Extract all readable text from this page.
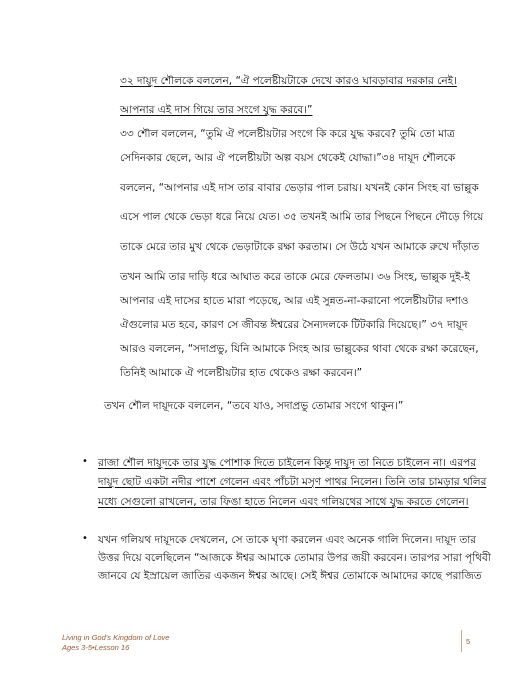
৩২ দায়ূদ শৌলকে বললেন, “ঐ পলেষ্টীয়টাকে দেখে কারও ঘাবড়াবার দরকার নেই।
আপনার এই দাস গিয়ে তার সংগে যুদ্ধ করবে।”
৩৩ শৌল বললেন, “তুমি ঐ পলেষ্টীয়টার সংগে কি করে যুদ্ধ করবে? তুমি তো মাত্র
সেদিনকার ছেলে, আর ঐ পলেষ্টীয়টা অল্প বয়স থেকেই যোদ্ধা।”৩৪ দায়ূদ শৌলকে
বললেন, “আপনার এই দাস তার বাবার ভেড়ার পাল চরায়। যখনই কোন সিংহ বা ভাল্লুক
এসে পাল থেকে ভেড়া ধরে নিয়ে যেত। ৩৫ তখনই আমি তার পিছনে পিছনে দৌড়ে গিয়ে
তাকে মেরে তার মুখ থেকে ভেড়াটাকে রক্ষা করতাম। সে উঠে যখন আমাকে রুখে দাঁড়াত
তখন আমি তার দাড়ি ধরে আঘাত করে তাকে মেরে ফেলতাম। ৩৬ সিংহ, ভাল্লুক দুই-ই
আপনার এই দাসের হাতে মারা পড়েছে, আর এই সুন্নত-না-করানো পলেষ্টীয়টার দশাও
ঐগুলোর মত হবে, কারণ সে জীবন্ত ঈশ্বরের সৈন্যদলকে টিটকারি দিয়েছে।” ৩৭ দায়ূদ
আরও বললেন, “সদাপ্রভু, যিনি আমাকে সিংহ আর ভাল্লুকের থাবা থেকে রক্ষা করেছেন,
তিনিই আমাকে ঐ পলেষ্টীয়টার হাত থেকেও রক্ষা করবেন।”
তখন শৌল দায়ূদকে বললেন, “তবে যাও, সদাপ্রভু তোমার সংগে থাকুন।”
• রাজা শৌল দায়ূদকে তার যুদ্ধ পোশাক দিতে চাইলেন কিন্তু দায়ূদ তা নিতে চাইলেন না। এরপর
দায়ূদ ছোট একটা নদীর পাশে গেলেন এবং পাঁচটা মসৃণ পাথর নিলেন। তিনি তার চামড়ার থলির
মধ্যে সেগুলো রাখলেন, তার ফিঙা হাতে নিলেন এবং গলিয়থের সাথে যুদ্ধ করতে গেলেন।
• যখন গলিয়থ দায়ূদকে দেখলেন, সে তাকে ঘৃণা করলেন এবং অনেক গালি দিলেন। দায়ূদ তার
উত্তর দিয়ে বলেছিলেন “আজকে ঈশ্বর আমাকে তোমার উপর জয়ী করবেন। তারপর সারা পৃথিবী
জানবে যে ইস্রায়েল জাতির একজন ঈশ্বর আছে। সেই ঈশ্বর তোমাকে আমাদের কাছে পরাজিত
Living in God’s Kingdom of Love
Ages 3-5•Lesson 16
5
